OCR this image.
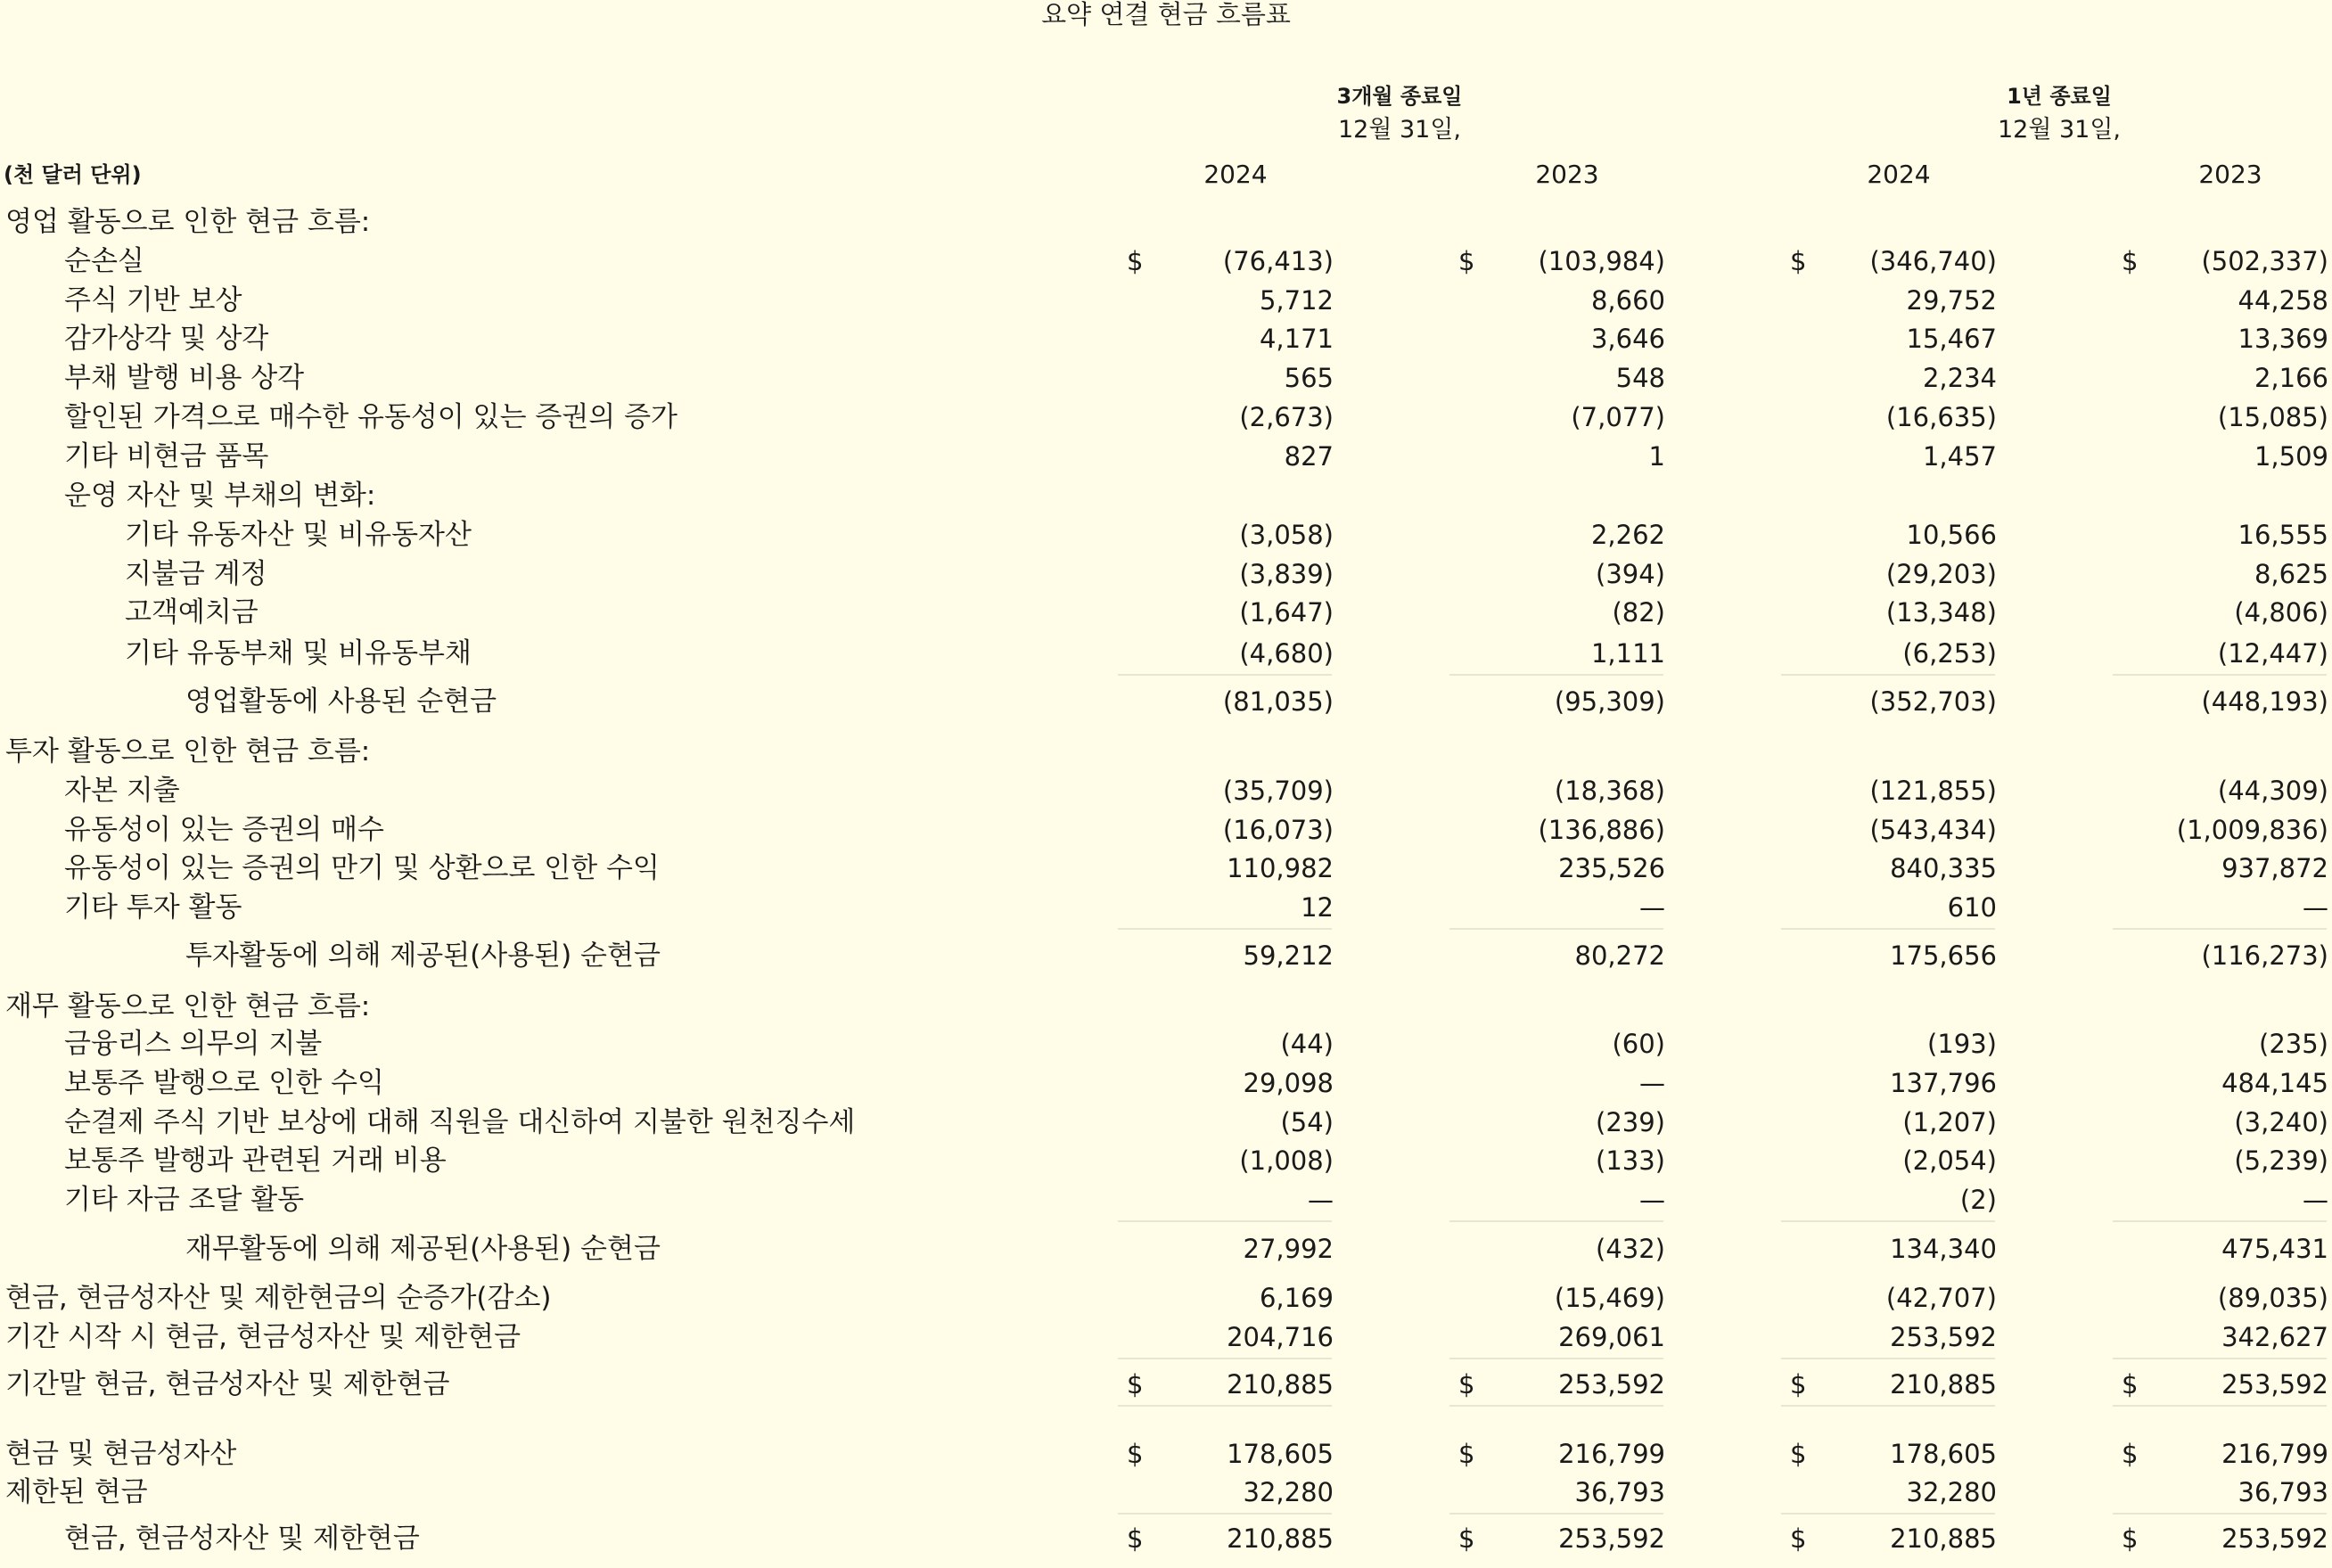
요약 연결 현금 흐름표
3개월 종료일
12월 31일,
1년 종료일
12월 31일,
(천 달러 단위)	2024	2023	2024	2023
영업 활동으로 인한 현금 흐름:
순손실	$	(76,413)	$	(103,984)	$	(346,740)	$	(502,337)
주식 기반 보상	5,712	8,660	29,752	44,258
감가상각 및 상각	4,171	3,646	15,467	13,369
부채 발행 비용 상각	565	548	2,234	2,166
할인된 가격으로 매수한 유동성이 있는 증권의 증가	(2,673)	(7,077)	(16,635)	(15,085)
기타 비현금 품목	827	1	1,457	1,509
운영 자산 및 부채의 변화:
기타 유동자산 및 비유동자산	(3,058)	2,262	10,566	16,555
지불금 계정	(3,839)	(394)	(29,203)	8,625
고객예치금	(1,647)	(82)	(13,348)	(4,806)
기타 유동부채 및 비유동부채	(4,680)	1,111	(6,253)	(12,447)
영업활동에 사용된 순현금	(81,035)	(95,309)	(352,703)	(448,193)
투자 활동으로 인한 현금 흐름:
자본 지출	(35,709)	(18,368)	(121,855)	(44,309)
유동성이 있는 증권의 매수	(16,073)	(136,886)	(543,434)	(1,009,836)
유동성이 있는 증권의 만기 및 상환으로 인한 수익	110,982	235,526	840,335	937,872
기타 투자 활동	12	—	610	—
투자활동에 의해 제공된(사용된) 순현금	59,212	80,272	175,656	(116,273)
재무 활동으로 인한 현금 흐름:
금융리스 의무의 지불	(44)	(60)	(193)	(235)
보통주 발행으로 인한 수익	29,098	—	137,796	484,145
순결제 주식 기반 보상에 대해 직원을 대신하여 지불한 원천징수세	(54)	(239)	(1,207)	(3,240)
보통주 발행과 관련된 거래 비용	(1,008)	(133)	(2,054)	(5,239)
기타 자금 조달 활동	—	—	(2)	—
재무활동에 의해 제공된(사용된) 순현금	27,992	(432)	134,340	475,431
현금, 현금성자산 및 제한현금의 순증가(감소)	6,169	(15,469)	(42,707)	(89,035)
기간 시작 시 현금, 현금성자산 및 제한현금	204,716	269,061	253,592	342,627
기간말 현금, 현금성자산 및 제한현금	$	210,885	$	253,592	$	210,885	$	253,592
현금 및 현금성자산	$	178,605	$	216,799	$	178,605	$	216,799
제한된 현금	32,280	36,793	32,280	36,793
현금, 현금성자산 및 제한현금	$	210,885	$	253,592	$	210,885	$	253,592
